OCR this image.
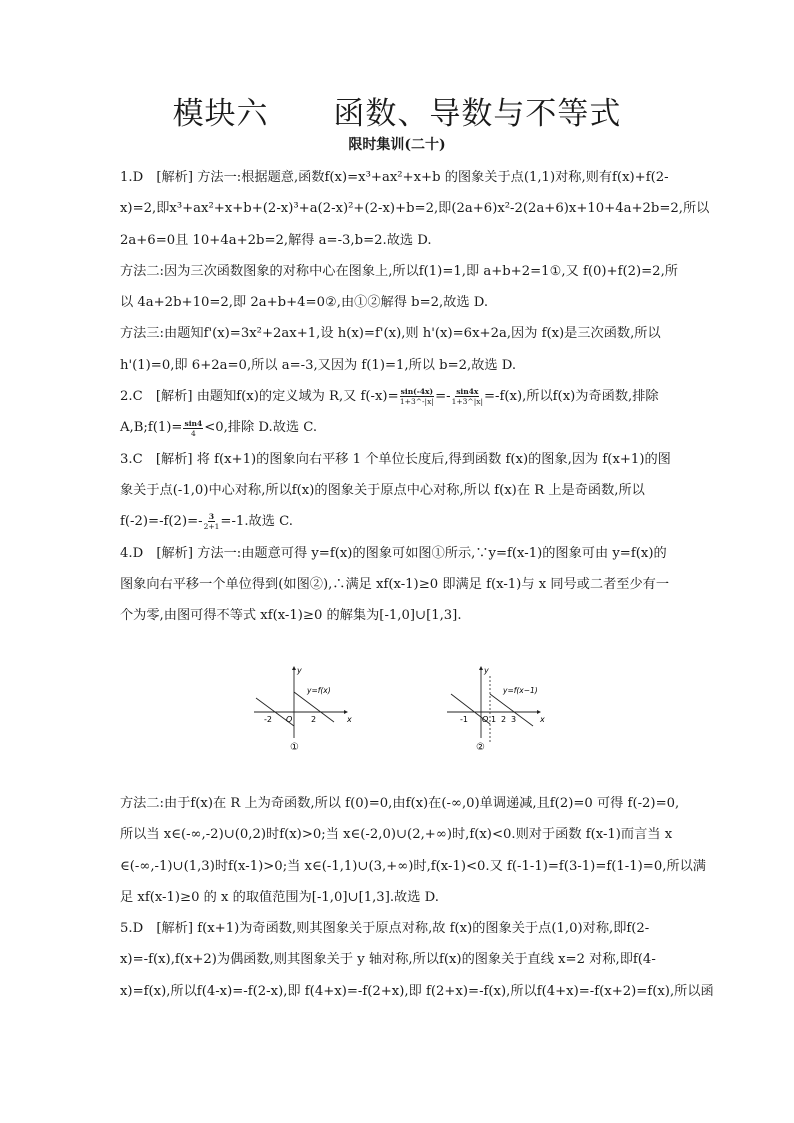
模块六　 函数、导数与不等式
限时集训(二十)
1.D　[解析] 方法一:根据题意,函数f(x)=x³+ax²+x+b 的图象关于点(1,1)对称,则有f(x)+f(2-
x)=2,即x³+ax²+x+b+(2-x)³+a(2-x)²+(2-x)+b=2,即(2a+6)x²-2(2a+6)x+10+4a+2b=2,所以
2a+6=0且 10+4a+2b=2,解得 a=-3,b=2.故选 D.
方法二:因为三次函数图象的对称中心在图象上,所以f(1)=1,即 a+b+2=1①,又 f(0)+f(2)=2,所
以 4a+2b+10=2,即 2a+b+4=0②,由①②解得 b=2,故选 D.
方法三:由题知f'(x)=3x²+2ax+1,设 h(x)=f'(x),则 h'(x)=6x+2a,因为 f(x)是三次函数,所以
h'(1)=0,即 6+2a=0,所以 a=-3,又因为 f(1)=1,所以 b=2,故选 D.
2.C　[解析] 由题知f(x)的定义域为 R,又 $f(-x)= \frac{\sin(-4x)}{1+3\^{}-|x|} =- \frac{\sin 4x}{1+3\^{}|x|} =-f(x)$,所以f(x)为奇函数,排除
A,B;f(1)= $\frac{\sin 4}{4} <0$,排除 D.故选 C.
3.C　[解析] 将 f(x+1)的图象向右平移 1 个单位长度后,得到函数 f(x)的图象,因为 f(x+1)的图
象关于点(-1,0)中心对称,所以f(x)的图象关于原点中心对称,所以 f(x)在 R 上是奇函数,所以
$f(-2)=-f(2)=- \frac{3}{2+1} =-1$.故选 C.
4.D　[解析] 方法一:由题意可得 y=f(x)的图象可如图①所示,∵y=f(x-1)的图象可由 y=f(x)的
图象向右平移一个单位得到(如图②),∴满足 xf(x-1)≥0 即满足 f(x-1)与 x 同号或二者至少有一
个为零,由图可得不等式 xf(x-1)≥0 的解集为[-1,0]∪[1,3].
x
y
O
-2	2
y=f(x)
①
x
y
O
-1	1 2 3
y=f(x−1)
②
方法二:由于f(x)在 R 上为奇函数,所以 f(0)=0,由f(x)在(-∞,0)单调递减,且f(2)=0 可得 f(-2)=0,
所以当 x∈(-∞,-2)∪(0,2)时f(x)>0;当 x∈(-2,0)∪(2,+∞)时,f(x)<0.则对于函数 f(x-1)而言当 x
∈(-∞,-1)∪(1,3)时f(x-1)>0;当 x∈(-1,1)∪(3,+∞)时,f(x-1)<0.又 f(-1-1)=f(3-1)=f(1-1)=0,所以满
足 xf(x-1)≥0 的 x 的取值范围为[-1,0]∪[1,3].故选 D.
5.D　[解析] f(x+1)为奇函数,则其图象关于原点对称,故 f(x)的图象关于点(1,0)对称,即f(2-
x)=-f(x),f(x+2)为偶函数,则其图象关于 y 轴对称,所以f(x)的图象关于直线 x=2 对称,即f(4-
x)=f(x),所以f(4-x)=-f(2-x),即 f(4+x)=-f(2+x),即 f(2+x)=-f(x),所以f(4+x)=-f(x+2)=f(x),所以函
